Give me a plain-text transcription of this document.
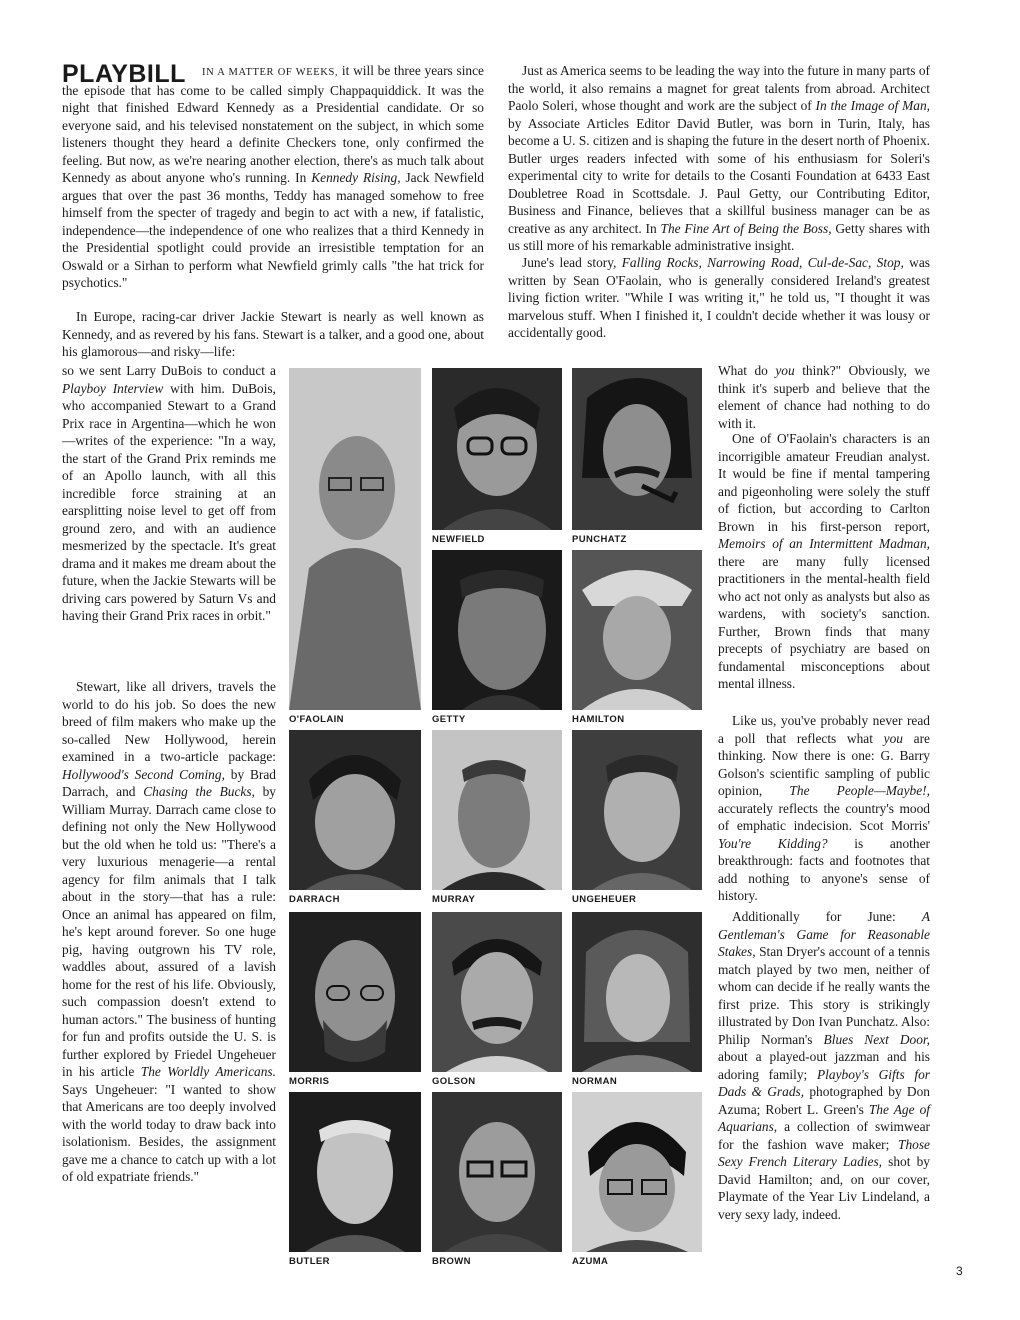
PLAYBILL	IN A MATTER OF WEEKS, it will be three years since the episode that has come to be called simply Chappaquiddick. It was the night that finished Edward Kennedy as a Presidential candidate. Or so everyone said, and his televised nonstatement on the subject, in which some listeners thought they heard a definite Checkers tone, only confirmed the feeling. But now, as we're nearing another election, there's as much talk about Kennedy as about anyone who's running. In Kennedy Rising, Jack Newfield argues that over the past 36 months, Teddy has managed somehow to free himself from the specter of tragedy and begin to act with a new, if fatalistic, independence—the independence of one who realizes that a third Kennedy in the Presidential spotlight could provide an irresistible temptation for an Oswald or a Sirhan to perform what Newfield grimly calls "the hat trick for psychotics."

In Europe, racing-car driver Jackie Stewart is nearly as well known as Kennedy, and as revered by his fans. Stewart is a talker, and a good one, about his glamorous—and risky—life:

so we sent Larry DuBois to conduct a Playboy Interview with him. DuBois, who accompanied Stewart to a Grand Prix race in Argentina—which he won—writes of the experience: "In a way, the start of the Grand Prix reminds me of an Apollo launch, with all this incredible force straining at an earsplitting noise level to get off from ground zero, and with an audience mesmerized by the spectacle. It's great drama and it makes me dream about the future, when the Jackie Stewarts will be driving cars powered by Saturn Vs and having their Grand Prix races in orbit."

Stewart, like all drivers, travels the world to do his job. So does the new breed of film makers who make up the so-called New Hollywood, herein examined in a two-article package: Hollywood's Second Coming, by Brad Darrach, and Chasing the Bucks, by William Murray. Darrach came close to defining not only the New Hollywood but the old when he told us: "There's a very luxurious menagerie—a rental agency for film animals that I talk about in the story—that has a rule: Once an animal has appeared on film, he's kept around forever. So one huge pig, having outgrown his TV role, waddles about, assured of a lavish home for the rest of his life. Obviously, such compassion doesn't extend to human actors." The business of hunting for fun and profits outside the U. S. is further explored by Friedel Ungeheuer in his article The Worldly Americans. Says Ungeheuer: "I wanted to show that Americans are too deeply involved with the world today to draw back into isolationism. Besides, the assignment gave me a chance to catch up with a lot of old expatriate friends."

Just as America seems to be leading the way into the future in many parts of the world, it also remains a magnet for great talents from abroad. Architect Paolo Soleri, whose thought and work are the subject of In the Image of Man, by Associate Articles Editor David Butler, was born in Turin, Italy, has become a U. S. citizen and is shaping the future in the desert north of Phoenix. Butler urges readers infected with some of his enthusiasm for Soleri's experimental city to write for details to the Cosanti Foundation at 6433 East Doubletree Road in Scottsdale. J. Paul Getty, our Contributing Editor, Business and Finance, believes that a skillful business manager can be as creative as any architect. In The Fine Art of Being the Boss, Getty shares with us still more of his remarkable administrative insight.

June's lead story, Falling Rocks, Narrowing Road, Cul-de-Sac, Stop, was written by Sean O'Faolain, who is generally considered Ireland's greatest living fiction writer. "While I was writing it," he told us, "I thought it was marvelous stuff. When I finished it, I couldn't decide whether it was lousy or accidentally good.

What do you think?" Obviously, we think it's superb and believe that the element of chance had nothing to do with it.

One of O'Faolain's characters is an incorrigible amateur Freudian analyst. It would be fine if mental tampering and pigeonholing were solely the stuff of fiction, but according to Carlton Brown in his first-person report, Memoirs of an Intermittent Madman, there are many fully licensed practitioners in the mental-health field who act not only as analysts but also as wardens, with society's sanction. Further, Brown finds that many precepts of psychiatry are based on fundamental misconceptions about mental illness.

Like us, you've probably never read a poll that reflects what you are thinking. Now there is one: G. Barry Golson's scientific sampling of public opinion, The People—Maybe!, accurately reflects the country's mood of emphatic indecision. Scot Morris' You're Kidding? is another breakthrough: facts and footnotes that add nothing to anyone's sense of history.

Additionally for June: A Gentleman's Game for Reasonable Stakes, Stan Dryer's account of a tennis match played by two men, neither of whom can decide if he really wants the first prize. This story is strikingly illustrated by Don Ivan Punchatz. Also: Philip Norman's Blues Next Door, about a played-out jazzman and his adoring family; Playboy's Gifts for Dads & Grads, photographed by Don Azuma; Robert L. Green's The Age of Aquarians, a collection of swimwear for the fashion wave maker; Those Sexy French Literary Ladies, shot by David Hamilton; and, on our cover, Playmate of the Year Liv Lindeland, a very sexy lady, indeed.

O'FAOLAIN

NEWFIELD	PUNCHATZ

GETTY	HAMILTON

DARRACH	MURRAY	UNGEHEUER

MORRIS	GOLSON	NORMAN

BUTLER	BROWN	AZUMA

3
